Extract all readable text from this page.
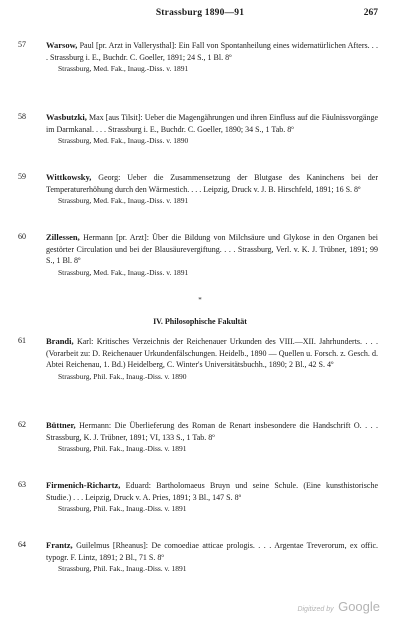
Strassburg 1890—91	267
57 Warsow, Paul [pr. Arzt in Vallerysthal]: Ein Fall von Spontanheilung eines widernatürlichen Afters. . . . Strassburg i. E., Buchdr. C. Goeller, 1891; 24 S., 1 Bl. 8º
Strassburg, Med. Fak., Inaug.-Diss. v. 1891
58 Wasbutzki, Max [aus Tilsit]: Ueber die Magengährungen und ihren Einfluss auf die Fäulnissvorgänge im Darmkanal. . . . Strassburg i. E., Buchdr. C. Goeller, 1890; 34 S., 1 Tab. 8º
Strassburg, Med. Fak., Inaug.-Diss. v. 1890
59 Wittkowsky, Georg: Ueber die Zusammensetzung der Blutgase des Kaninchens bei der Temperaturerhöhung durch den Wärmestich. . . . Leipzig, Druck v. J. B. Hirschfeld, 1891; 16 S. 8º
Strassburg, Med. Fak., Inaug.-Diss. v. 1891
60 Zillessen, Hermann [pr. Arzt]: Über die Bildung von Milchsäure und Glykose in den Organen bei gestörter Circulation und bei der Blausäurevergiftung. . . . Strassburg, Verl. v. K. J. Trübner, 1891; 99 S., 1 Bl. 8º
Strassburg, Med. Fak., Inaug.-Diss. v. 1891
*
IV. Philosophische Fakultät
61 Brandi, Karl: Kritisches Verzeichnis der Reichenauer Urkunden des VIII.—XII. Jahrhunderts. . . . (Vorarbeit zu: D. Reichenauer Urkundenfälschungen. Heidelb., 1890 — Quellen u. Forsch. z. Gesch. d. Abtei Reichenau, 1. Bd.) Heidelberg, C. Winter's Universitätsbuchh., 1890; 2 Bl., 42 S. 4º
Strassburg, Phil. Fak., Inaug.-Diss. v. 1890
62 Büttner, Hermann: Die Überlieferung des Roman de Renart insbesondere die Handschrift O. . . . Strassburg, K. J. Trübner, 1891; VI, 133 S., 1 Tab. 8º
Strassburg, Phil. Fak., Inaug.-Diss. v. 1891
63 Firmenich-Richartz, Eduard: Bartholomaeus Bruyn und seine Schule. (Eine kunsthistorische Studie.) . . . Leipzig, Druck v. A. Pries, 1891; 3 Bl., 147 S. 8º
Strassburg, Phil. Fak., Inaug.-Diss. v. 1891
64 Frantz, Guilelmus [Rheanus]: De comoediae atticae prologis. . . . Argentae Treverorum, ex offic. typogr. F. Lintz, 1891; 2 Bl., 71 S. 8º
Strassburg, Phil. Fak., Inaug.-Diss. v. 1891
Digitized by Google
